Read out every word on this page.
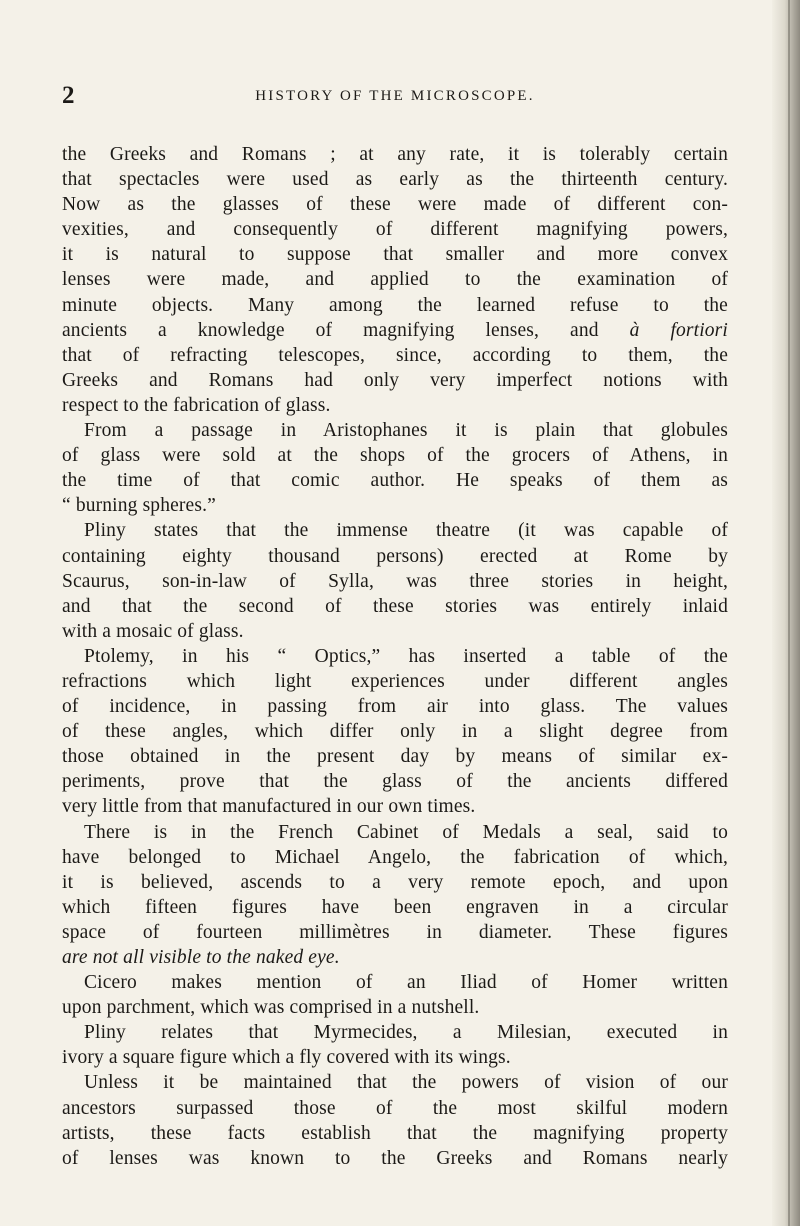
2	HISTORY OF THE MICROSCOPE.
the Greeks and Romans ; at any rate, it is tolerably certain
that spectacles were used as early as the thirteenth century.
Now as the glasses of these were made of different con-
vexities, and consequently of different magnifying powers,
it is natural to suppose that smaller and more convex
lenses were made, and applied to the examination of
minute objects. Many among the learned refuse to the
ancients a knowledge of magnifying lenses, and à fortiori
that of refracting telescopes, since, according to them, the
Greeks and Romans had only very imperfect notions with
respect to the fabrication of glass.
From a passage in Aristophanes it is plain that globules
of glass were sold at the shops of the grocers of Athens, in
the time of that comic author. He speaks of them as
“ burning spheres.”
Pliny states that the immense theatre (it was capable of
containing eighty thousand persons) erected at Rome by
Scaurus, son-in-law of Sylla, was three stories in height,
and that the second of these stories was entirely inlaid
with a mosaic of glass.
Ptolemy, in his “ Optics,” has inserted a table of the
refractions which light experiences under different angles
of incidence, in passing from air into glass. The values
of these angles, which differ only in a slight degree from
those obtained in the present day by means of similar ex-
periments, prove that the glass of the ancients differed
very little from that manufactured in our own times.
There is in the French Cabinet of Medals a seal, said to
have belonged to Michael Angelo, the fabrication of which,
it is believed, ascends to a very remote epoch, and upon
which fifteen figures have been engraven in a circular
space of fourteen millimètres in diameter. These figures
are not all visible to the naked eye.
Cicero makes mention of an Iliad of Homer written
upon parchment, which was comprised in a nutshell.
Pliny relates that Myrmecides, a Milesian, executed in
ivory a square figure which a fly covered with its wings.
Unless it be maintained that the powers of vision of our
ancestors surpassed those of the most skilful modern
artists, these facts establish that the magnifying property
of lenses was known to the Greeks and Romans nearly
